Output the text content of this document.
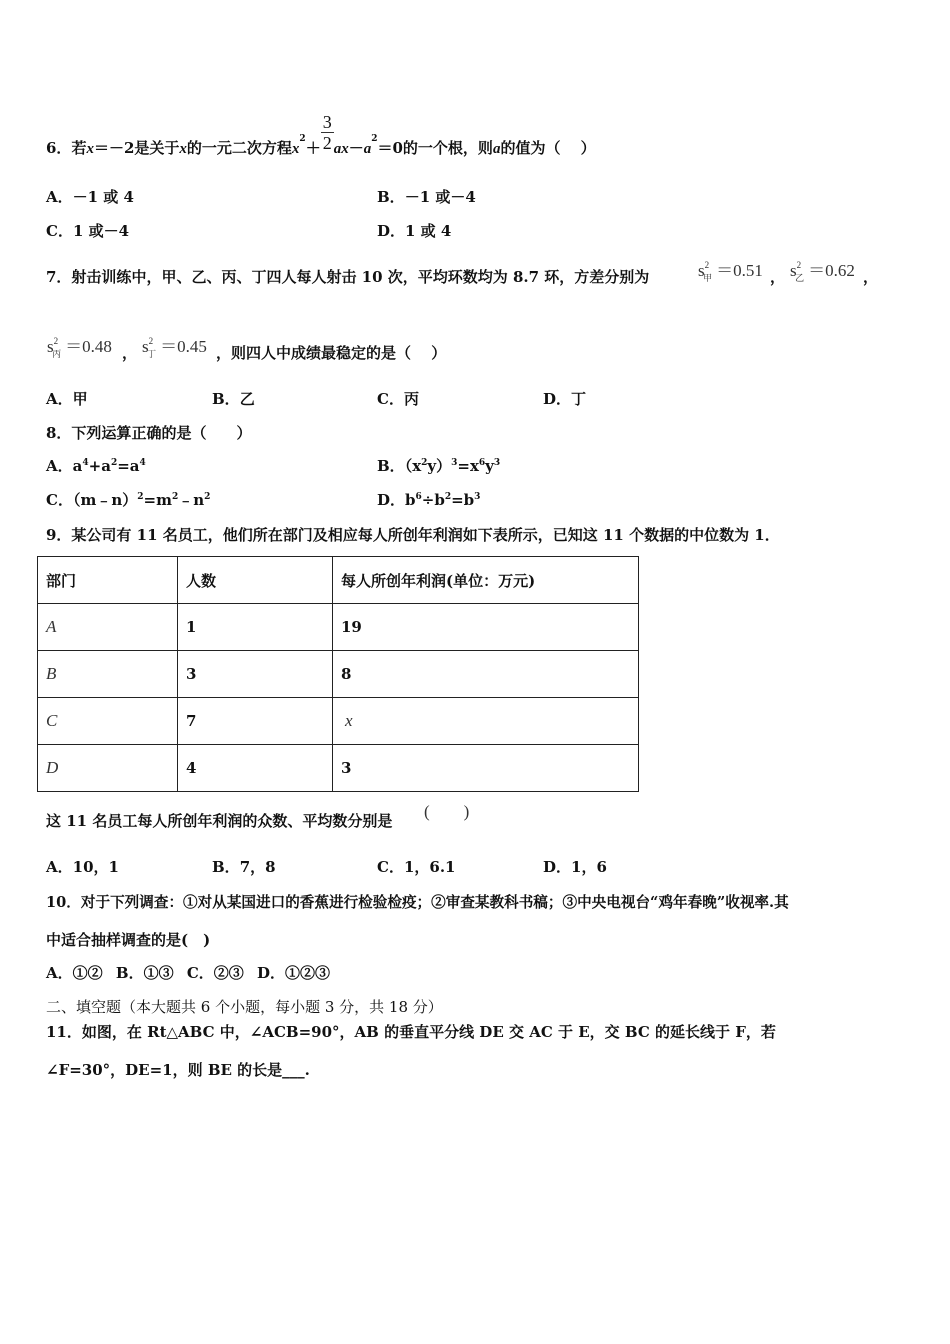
6．若x＝－2是关于x的一元二次方程$x^2+ \frac{3}{2} ax-a^2=0$的一个根，则a的值为（　 ）
A．－1 或 4	B．－1 或－4
C．1 或－4	D．1 或 4
7．射击训练中，甲、乙、丙、丁四人每人射击 10 次，平均环数均为 8.7 环，方差分别为	$s^2_甲 =0.51$ ， $s^2_乙 =0.62$ ，
$s^2_丙 =0.48$ ， $s^2_丁 =0.45$ ，则四人中成绩最稳定的是（　 ）
A．甲	B．乙	C．丙	D．丁
8．下列运算正确的是（　　）
A．$a^4+a^2=a^4$	B．$(x^2y)^3=x^6y^3$
C．$(m﹣n)^2=m^2﹣n^2$	D．$b^6\div b^2=b^3$
9．某公司有 11 名员工，他们所在部门及相应每人所创年利润如下表所示，已知这 11 个数据的中位数为 1．
部门	人数	每人所创年利润(单位：万元)
A	1	19
B	3	8
C	7	x
D	4	3
这 11 名员工每人所创年利润的众数、平均数分别是 (　　)
A．10，1	B．7，8	C．1，6.1	D．1，6
10．对于下列调查：①对从某国进口的香蕉进行检验检疫；②审查某教科书稿；③中央电视台“鸡年春晚”收视率.其
中适合抽样调查的是(　)
A．①② B．①③ C．②③ D．①②③
二、填空题（本大题共 6 个小题，每小题 3 分，共 18 分）
11．如图，在 Rt△ABC 中，∠ACB=90°，AB 的垂直平分线 DE 交 AC 于 E，交 BC 的延长线于 F，若
∠F=30°，DE=1，则 BE 的长是___.
